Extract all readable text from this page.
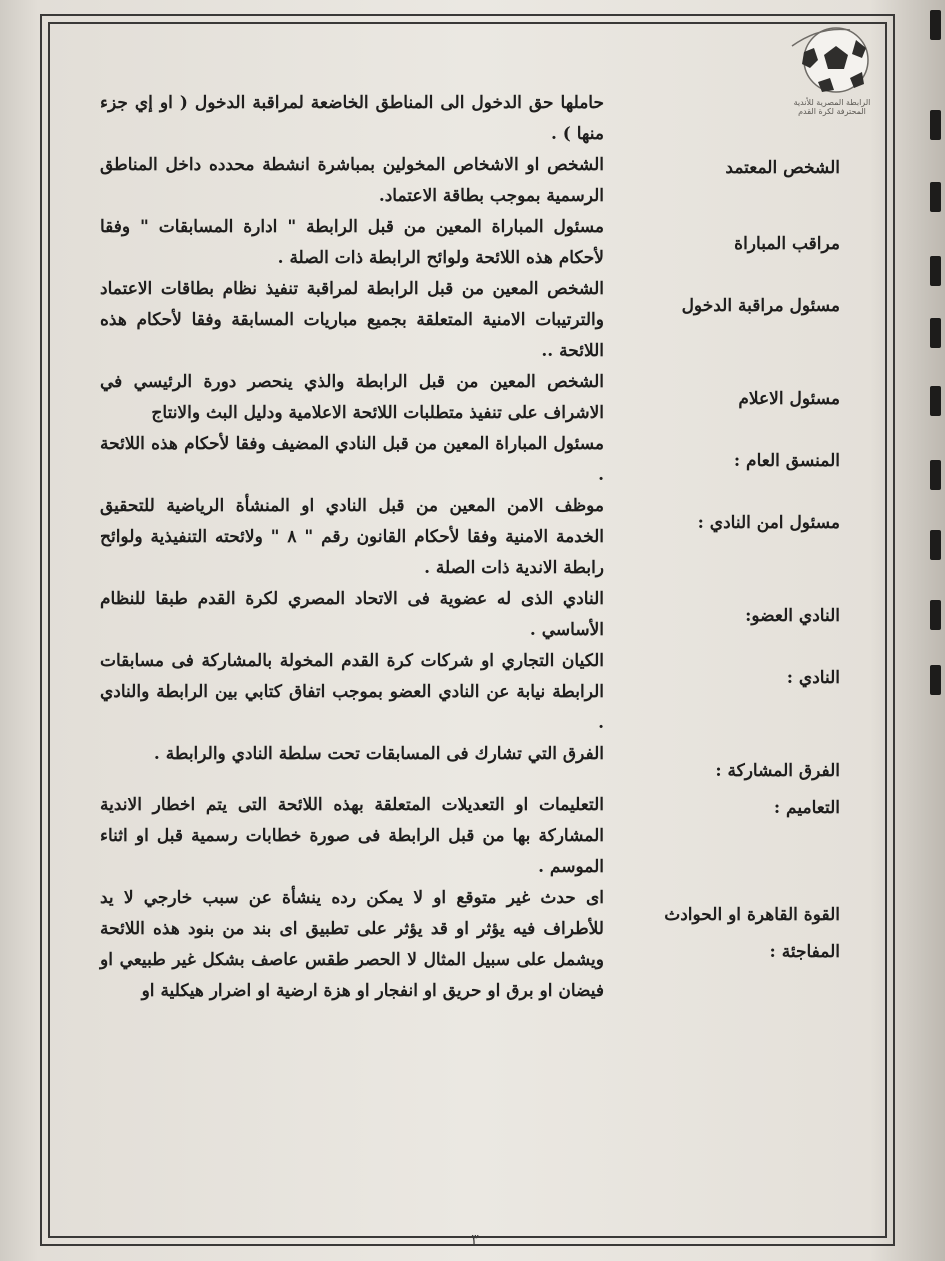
الرابطة المصرية للأندية المحترفة لكرة القدم
حاملها حق الدخول الى المناطق الخاضعة لمراقبة الدخول ( او إي جزء منها ) .
الشخص المعتمد
الشخص او الاشخاص المخولين بمباشرة انشطة محدده داخل المناطق الرسمية بموجب بطاقة الاعتماد.
مراقب المباراة
مسئول المباراة المعين من قبل الرابطة " ادارة المسابقات " وفقا لأحكام هذه اللائحة ولوائح الرابطة ذات الصلة .
مسئول مراقبة الدخول
الشخص المعين من قبل الرابطة لمراقبة تنفيذ نظام بطاقات الاعتماد والترتيبات الامنية المتعلقة بجميع مباريات المسابقة وفقا لأحكام هذه اللائحة ..
مسئول الاعلام
الشخص المعين من قبل الرابطة والذي ينحصر دورة الرئيسي في الاشراف على تنفيذ متطلبات اللائحة الاعلامية ودليل البث والانتاج
المنسق العام :
مسئول المباراة المعين من قبل النادي المضيف وفقا لأحكام هذه اللائحة .
مسئول امن النادي :
موظف الامن المعين من قبل النادي او المنشأة الرياضية للتحقيق الخدمة الامنية وفقا لأحكام القانون رقم " ٨ " ولائحته التنفيذية ولوائح رابطة الاندية ذات الصلة .
النادي العضو:
النادي الذى له عضوية فى الاتحاد المصري لكرة القدم طبقا للنظام الأساسي .
النادي :
الكيان التجاري او شركات كرة القدم المخولة بالمشاركة فى مسابقات الرابطة نيابة عن النادي العضو بموجب اتفاق كتابي بين الرابطة والنادي .
الفرق المشاركة :
الفرق التي تشارك فى المسابقات تحت سلطة النادي والرابطة .
التعاميم :
التعليمات او التعديلات المتعلقة بهذه اللائحة التى يتم اخطار الاندية المشاركة بها من قبل الرابطة فى صورة خطابات رسمية قبل او اثناء الموسم .
القوة القاهرة او الحوادث المفاجئة :
اى حدث غير متوقع او لا يمكن رده ينشأة عن سبب خارجي لا يد للأطراف فيه يؤثر او قد يؤثر على تطبيق اى بند من بنود هذه اللائحة ويشمل على سبيل المثال لا الحصر طقس عاصف بشكل غير طبيعي او فيضان او برق او حريق او انفجار او هزة ارضية او اضرار هيكلية او
٣
